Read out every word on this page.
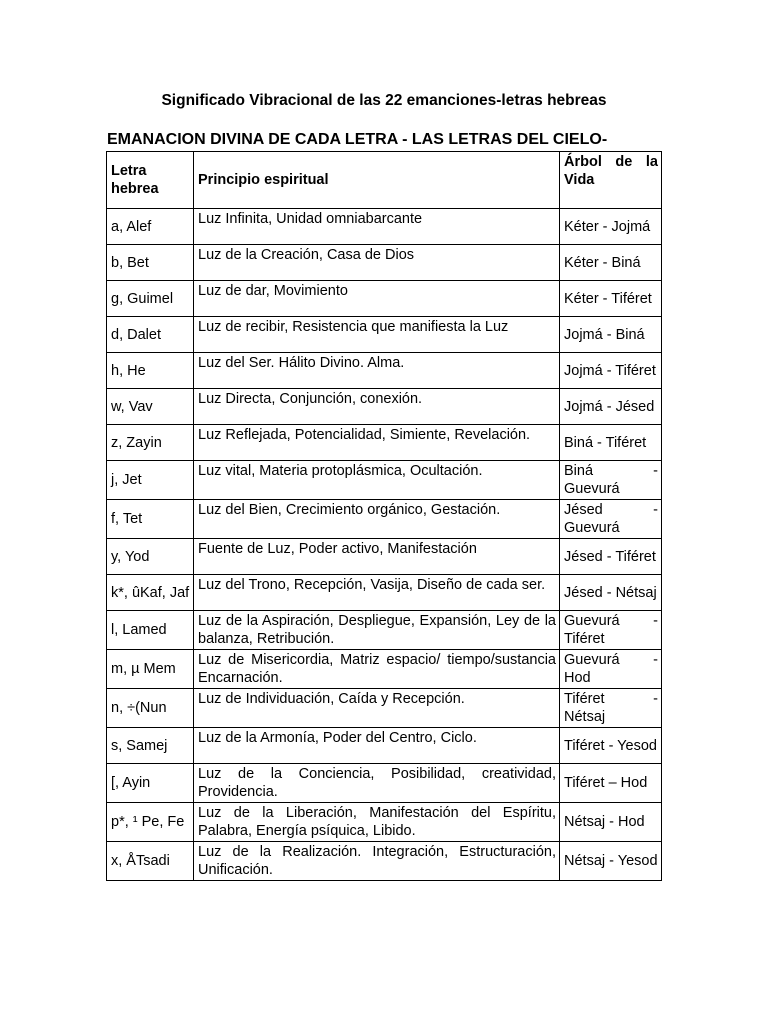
Significado Vibracional de las 22 emanciones-letras hebreas
EMANACION DIVINA DE CADA LETRA - LAS LETRAS DEL CIELO-
Letra hebrea	Principio espiritual	Árbol de la Vida
a, Alef	Luz Infinita, Unidad omniabarcante	Kéter - Jojmá
b, Bet	Luz de la Creación, Casa de Dios	Kéter - Biná
g, Guimel	Luz de dar, Movimiento	Kéter - Tiféret
d, Dalet	Luz de recibir, Resistencia que manifiesta la Luz	Jojmá - Biná
h, He	Luz del Ser. Hálito Divino. Alma.	Jojmá - Tiféret
w, Vav	Luz Directa, Conjunción, conexión.	Jojmá - Jésed
z, Zayin	Luz Reflejada, Potencialidad, Simiente, Revelación.	Biná - Tiféret
j, Jet	Luz vital, Materia protoplásmica, Ocultación.	Biná - Guevurá
f, Tet	Luz del Bien, Crecimiento orgánico, Gestación.	Jésed - Guevurá
y, Yod	Fuente de Luz, Poder activo, Manifestación	Jésed - Tiféret
k*, ûKaf, Jaf	Luz del Trono, Recepción, Vasija, Diseño de cada ser.	Jésed - Nétsaj
l, Lamed	Luz de la Aspiración, Despliegue, Expansión, Ley de la balanza, Retribución.	Guevurá - Tiféret
m, µ Mem	Luz de Misericordia, Matriz espacio/ tiempo/sustancia Encarnación.	Guevurá - Hod
n, ÷(Nun	Luz de Individuación, Caída y Recepción.	Tiféret - Nétsaj
s, Samej	Luz de la Armonía, Poder del Centro, Ciclo.	Tiféret - Yesod
[, Ayin	Luz de la Conciencia, Posibilidad, creatividad, Providencia.	Tiféret – Hod
p*, ¹ Pe, Fe	Luz de la Liberación, Manifestación del Espíritu, Palabra, Energía psíquica, Libido.	Nétsaj - Hod
x, ÅTsadi	Luz de la Realización. Integración, Estructuración, Unificación.	Nétsaj - Yesod
